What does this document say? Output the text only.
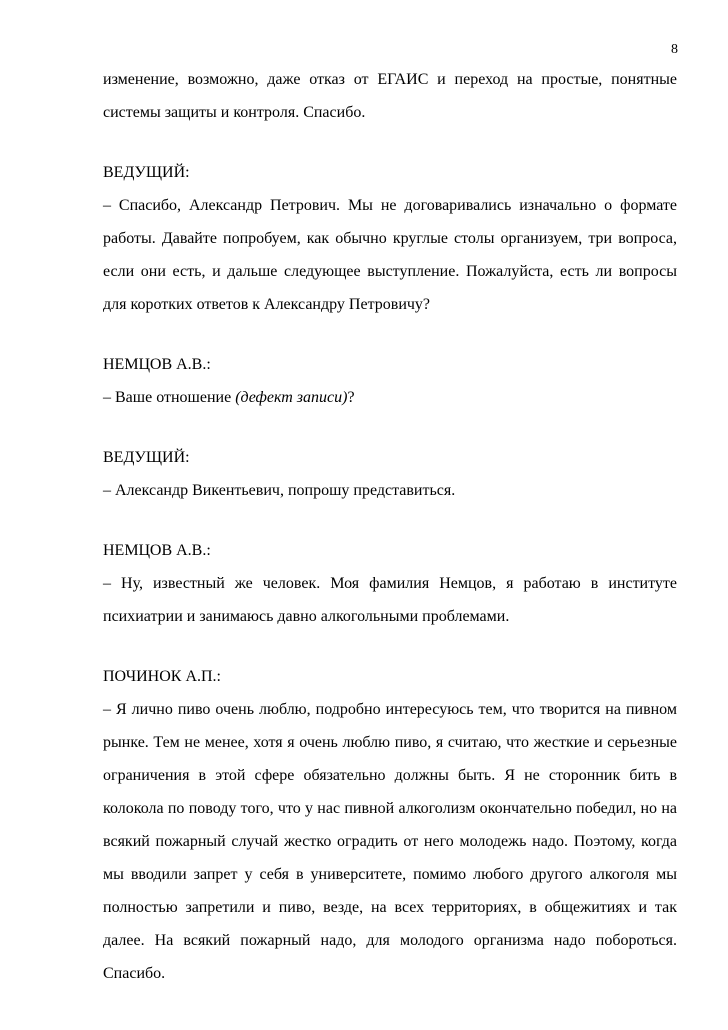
8

изменение, возможно, даже отказ от ЕГАИС и переход на простые, понятные системы защиты и контроля. Спасибо.

ВЕДУЩИЙ:

– Спасибо, Александр Петрович. Мы не договаривались изначально о формате работы. Давайте попробуем, как обычно круглые столы организуем, три вопроса, если они есть, и дальше следующее выступление. Пожалуйста, есть ли вопросы для коротких ответов к Александру Петровичу?

НЕМЦОВ А.В.:

– Ваше отношение (дефект записи)?

ВЕДУЩИЙ:

– Александр Викентьевич, попрошу представиться.

НЕМЦОВ А.В.:

– Ну, известный же человек. Моя фамилия Немцов, я работаю в институте психиатрии и занимаюсь давно алкогольными проблемами.

ПОЧИНОК А.П.:

– Я лично пиво очень люблю, подробно интересуюсь тем, что творится на пивном рынке. Тем не менее, хотя я очень люблю пиво, я считаю, что жесткие и серьезные ограничения в этой сфере обязательно должны быть. Я не сторонник бить в колокола по поводу того, что у нас пивной алкоголизм окончательно победил, но на всякий пожарный случай жестко оградить от него молодежь надо. Поэтому, когда мы вводили запрет у себя в университете, помимо любого другого алкоголя мы полностью запретили и пиво, везде, на всех территориях, в общежитиях и так далее. На всякий пожарный надо, для молодого организма надо побороться. Спасибо.
